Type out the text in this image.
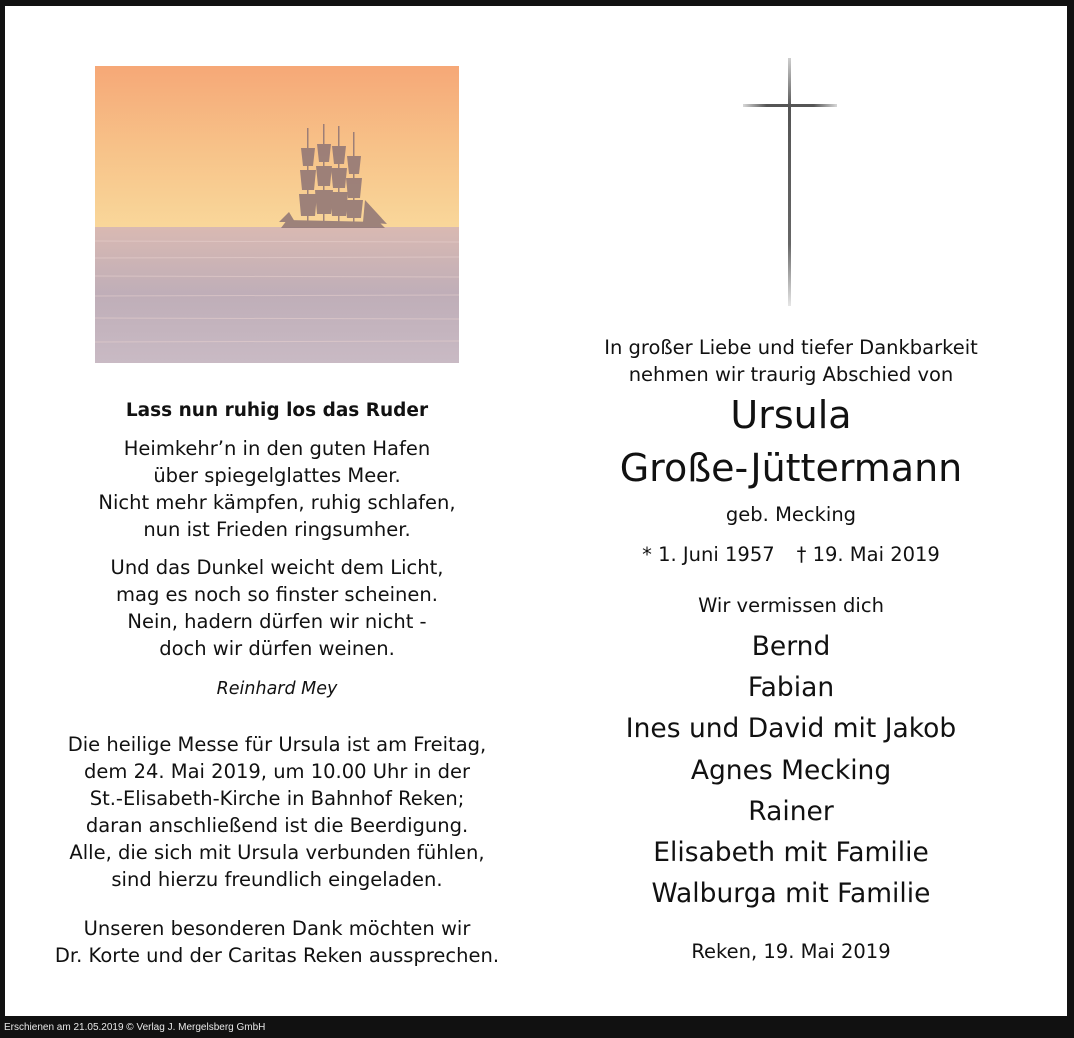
Lass nun ruhig los das Ruder
Heimkehr’n in den guten Hafen
über spiegelglattes Meer.
Nicht mehr kämpfen, ruhig schlafen,
nun ist Frieden ringsumher.
Und das Dunkel weicht dem Licht,
mag es noch so finster scheinen.
Nein, hadern dürfen wir nicht -
doch wir dürfen weinen.
Reinhard Mey
Die heilige Messe für Ursula ist am Freitag,
dem 24. Mai 2019, um 10.00 Uhr in der
St.-Elisabeth-Kirche in Bahnhof Reken;
daran anschließend ist die Beerdigung.
Alle, die sich mit Ursula verbunden fühlen,
sind hierzu freundlich eingeladen.
Unseren besonderen Dank möchten wir
Dr. Korte und der Caritas Reken aussprechen.
In großer Liebe und tiefer Dankbarkeit
nehmen wir traurig Abschied von
Ursula
Große-Jüttermann
geb. Mecking
* 1. Juni 1957 † 19. Mai 2019
Wir vermissen dich
Bernd
Fabian
Ines und David mit Jakob
Agnes Mecking
Rainer
Elisabeth mit Familie
Walburga mit Familie
Reken, 19. Mai 2019
Erschienen am 21.05.2019 © Verlag J. Mergelsberg GmbH
